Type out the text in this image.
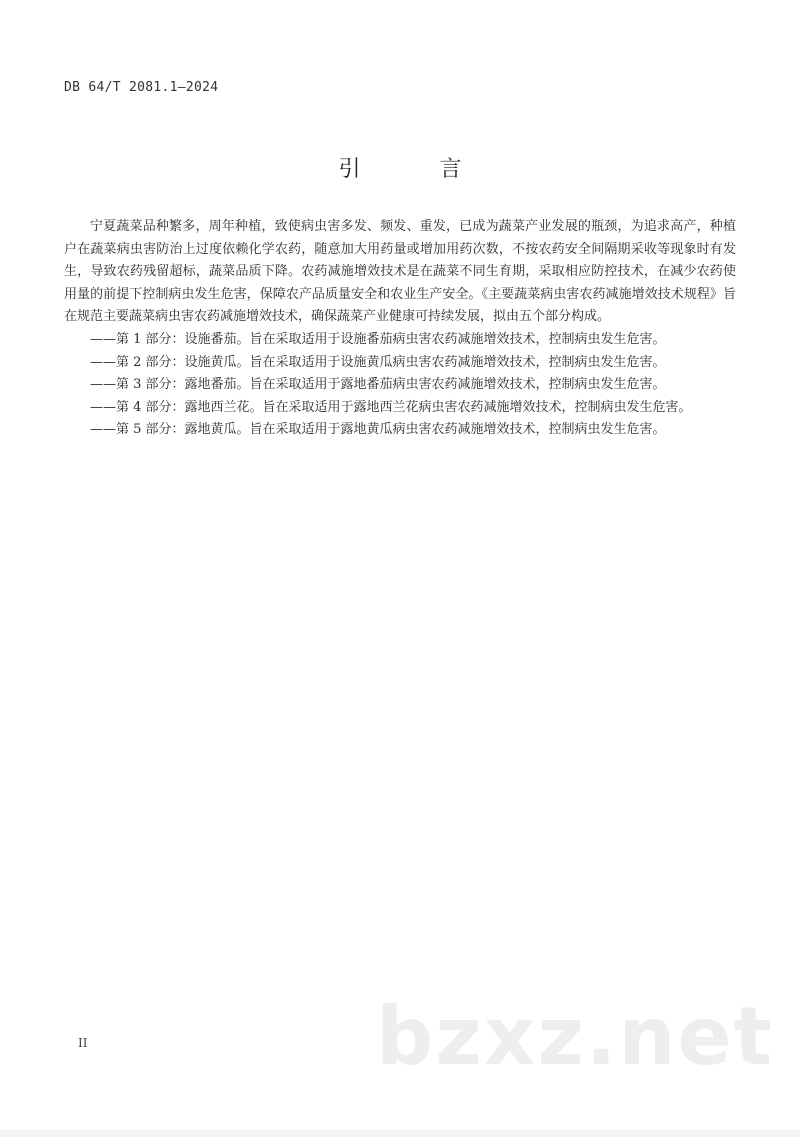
DB 64/T 2081.1—2024
引 言

宁夏蔬菜品种繁多，周年种植，致使病虫害多发、频发、重发，已成为蔬菜产业发展的瓶颈，为追求高产，种植户在蔬菜病虫害防治上过度依赖化学农药，随意加大用药量或增加用药次数，不按农药安全间隔期采收等现象时有发生，导致农药残留超标，蔬菜品质下降。农药减施增效技术是在蔬菜不同生育期，采取相应防控技术，在减少农药使用量的前提下控制病虫发生危害，保障农产品质量安全和农业生产安全。《主要蔬菜病虫害农药减施增效技术规程》旨在规范主要蔬菜病虫害农药减施增效技术，确保蔬菜产业健康可持续发展，拟由五个部分构成。

——第 1 部分：设施番茄。旨在采取适用于设施番茄病虫害农药减施增效技术，控制病虫发生危害。

——第 2 部分：设施黄瓜。旨在采取适用于设施黄瓜病虫害农药减施增效技术，控制病虫发生危害。

——第 3 部分：露地番茄。旨在采取适用于露地番茄病虫害农药减施增效技术，控制病虫发生危害。

——第 4 部分：露地西兰花。旨在采取适用于露地西兰花病虫害农药减施增效技术，控制病虫发生危害。

——第 5 部分：露地黄瓜。旨在采取适用于露地黄瓜病虫害农药减施增效技术，控制病虫发生危害。

bzxz.net
II
